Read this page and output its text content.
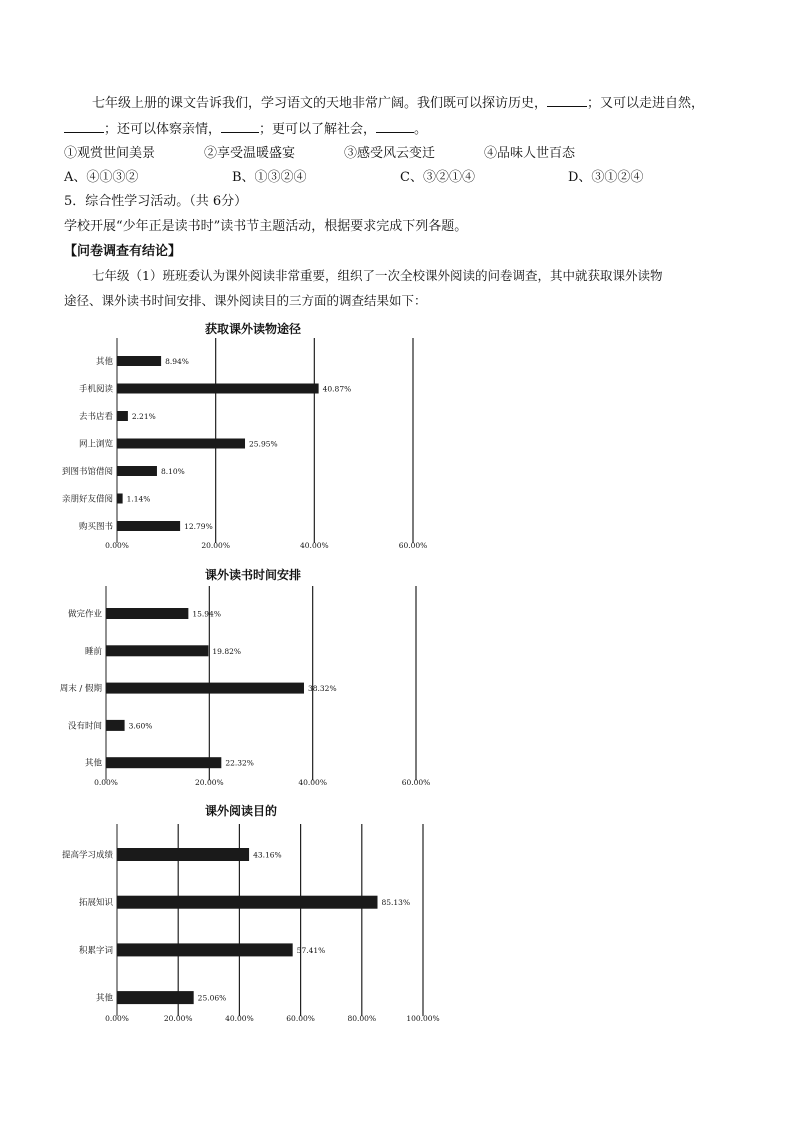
七年级上册的课文告诉我们，学习语文的天地非常广阔。我们既可以探访历史，	；又可以走进自然，
；还可以体察亲情，	；更可以了解社会，	。
①观赏世间美景	②享受温暖盛宴	③感受风云变迁	④品味人世百态
A、④①③②	B、①③②④	C、③②①④	D、③①②④
5．综合性学习活动。（共 6分）
学校开展“少年正是读书时”读书节主题活动，根据要求完成下列各题。
【问卷调查有结论】
七年级（1）班班委认为课外阅读非常重要，组织了一次全校课外阅读的问卷调查，其中就获取课外读物
途径、课外读书时间安排、课外阅读目的三方面的调查结果如下：
获取课外读物途径
0.00%	20.00%	40.00%	60.00%
其他	8.94%
手机阅读	40.87%
去书店看	2.21%
网上浏览	25.95%
到图书馆借阅	8.10%
亲朋好友借阅 1.14%
购买图书	12.79%
课外读书时间安排
0.00%	20.00%	40.00%	60.00%
做完作业	15.94%
睡前	19.82%
周末 / 假期	38.32%
没有时间	3.60%
其他	22.32%
课外阅读目的
0.00%	20.00%	40.00%	60.00%	80.00%	100.00%
提高学习成绩	43.16%
拓展知识	85.13%
积累字词	57.41%
其他	25.06%
